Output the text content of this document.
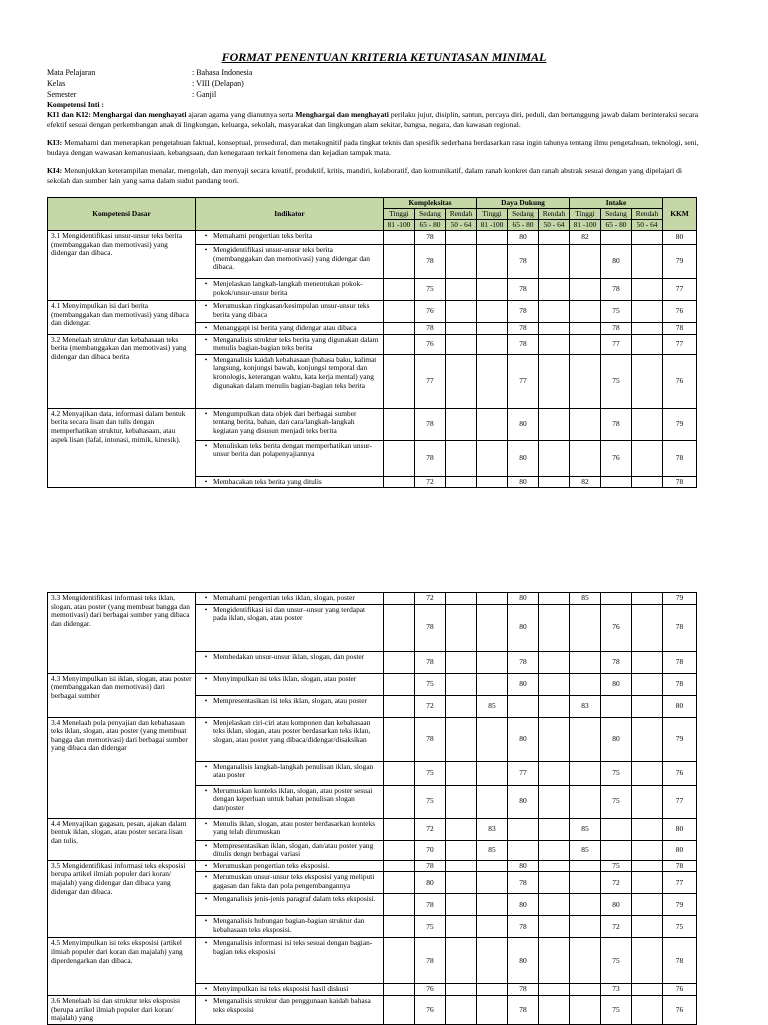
FORMAT PENENTUAN KRITERIA KETUNTASAN MINIMAL
Mata Pelajaran	: Bahasa Indonesia
Kelas	: VIII (Delapan)
Semester	: Ganjil
Kompetensi Inti :
KI1 dan KI2: Menghargai dan menghayati ajaran agama yang dianutnya serta Menghargai dan menghayati perilaku jujur, disiplin, santun, percaya diri, peduli, dan bertanggung jawab dalam berinteraksi secara efektif sesuai dengan perkembangan anak di lingkungan, keluarga, sekolah, masyarakat dan lingkungan alam sekitar, bangsa, negara, dan kawasan regional.
KI3: Memahami dan menerapkan pengetahuan faktual, konseptual, prosedural, dan metakognitif pada tingkat teknis dan spesifik sederhana berdasarkan rasa ingin tahunya tentang ilmu pengetahuan, teknologi, seni, budaya dengan wawasan kemanusiaan, kebangsaan, dan kenegaraan terkait fenomena dan kejadian tampak mata.
KI4: Menunjukkan keterampilan menalar, mengolah, dan menyaji secara kreatif, produktif, kritis, mandiri, kolaboratif, dan komunikatif, dalam ranah konkret dan ranah abstrak sesuai dengan yang dipelajari di sekolah dan sumber lain yang sama dalam sudut pandang teori.
Kompetensi Dasar	Indikator	Kompleksitas			Daya Dukung			Intake			KKM
		Tinggi	Sedang	Rendah	Tinggi	Sedang	Rendah	Tinggi	Sedang	Rendah	
		81 -100	65 - 80	50 - 64	81 -100	65 - 80	50 - 64	81 -100	65 - 80	50 - 64	
3.1 Mengidentifikasi unsur-unsur teks berita (membanggakan dan memotivasi) yang didengar dan dibaca.	• Memahami pengertian teks berita		78			80		82			80

	• Mengidentifikasi unsur-unsur teks berita (membanggakan dan memotivasi) yang didengar dan dibaca.		78			78			80		79

	• Menjelaskan langkah-langkah menentukan pokok-pokok/unsur-unsur berita		75			78			78		77
4.1 Menyimpulkan isi dari berita (membanggakan dan memotivasi) yang dibaca dan didengar.	• Merumuskan ringkasan/kesimpulan unsur-unsur teks berita yang dibaca		76			78			75		76

	• Menanggapi isi berita yang didengar atau dibaca		78			78			78		78
3.2 Menelaah struktur dan kebahasaan teks berita (membanggakan dan memotivasi) yang didengar dan dibaca berita	• Menganalisis struktur teks berita yang digunakan dalam menulis bagian-bagian teks berita		76			78			77		77

	• Menganalisis kaidah kebahasaan (bahasa baku, kalimat langsung, konjungsi bawah, konjungsi temporal dan kronologis, keterangan waktu, kata kerja mental) yang digunakan dalam menulis bagian-bagian teks berita		77			77			75		76
4.2 Menyajikan data, informasi dalam bentuk berita secara lisan dan tulis dengan memperhatikan struktur, kebahasaan, atau aspek lisan (lafal, intonasi, mimik, kinesik).	• Mengumpulkan data objek dari berbagai sumber tentang berita, bahan, dan cara/langkah-langkah kegiatan yang disusun menjadi teks berita		78			80			78		79

	• Menuliskan teks berita dengan memperhatikan unsur-unsur berita dan polapenyajiannya		78			80			76		78

	• Membacakan teks berita yang ditulis		72			80		82			78
3.3 Mengidentifikasi informasi teks iklan, slogan, atau poster (yang membuat bangga dan memotivasi) dari berbagai sumber yang dibaca dan didengar.	• Memahami pengertian teks iklan, slogan, poster		72			80		85			79

	• Mengidentifikasi isi dan unsur–unsur yang terdapat pada iklan, slogan, atau poster		78			80			76		78

	• Membedakan unsur-unsur iklan, slogan, dan poster		78			78			78		78
4.3 Menyimpulkan isi iklan, slogan, atau poster (membanggakan dan memotivasi) dari berbagai sumber	• Menyimpulkan isi teks iklan, slogan, atau poster		75			80			80		78

	• Mempresentasikan isi teks iklan, slogan, atau poster		72		85			83			80
3.4 Menelaah pola penyajian dan kebahasaan teks iklan, slogan, atau poster (yang membuat bangga dan memotivasi) dari berbagai sumber yang dibaca dan didengar	• Menjelaskan ciri-ciri atau komponen dan kebahasaan teks iklan, slogan, atau poster berdasarkan teks iklan, slogan, atau poster yang dibaca/didengar/disaksikan		78			80			80		79

	• Menganalisis langkah-langkah penulisan iklan, slogan atau poster		75			77			75		76

	• Merumuskan konteks iklan, slogan, atau poster sesuai dengan keperluan untuk bahan penulisan slogan dan/poster		75			80			75		77
4.4 Menyajikan gagasan, pesan, ajakan dalam bentuk iklan, slogan, atau poster secara lisan dan tulis.	• Menulis iklan, slogan, atau poster berdasarkan konteks yang telah dirumuskan		72		83			85			80

	• Mempresentasikan iklan, slogan, dan/atau poster yang ditulis dengn berbagai variasi		70		85			85			80
3.5 Mengidentifikasi informasi teks eksposisi berupa artikel ilmiah populer dari koran/ majalah) yang didengar dan dibaca yang didengar dan dibaca.	• Merumuskan pengertian teks eksposisi.		78			80			75		78

	• Merumuskan unsur-unsur teks eksposisi yang meliputi gagasan dan fakta dan pola pengembangannya		80			78			72		77

	• Menganalisis jenis-jenis paragraf dalam teks eksposisi.		78			80			80		79

	• Menganalisis hubungan bagian-bagian struktur dan kebahasaan teks eksposisi.		75			78			72		75
4.5 Menyimpulkan isi teks eksposisi (artikel ilmiah populer dari koran dan majalah) yang diperdengarkan dan dibaca.	• Menganalisis informasi isi teks sesuai dengan bagian-bagian teks eksposisi		78			80			75		78

	• Menyimpulkan isi teks eksposisi hasil diskusi		76			78			73		76
3.6 Menelaah isi dan struktur teks eksposisi (berupa artikel ilmiah populer dari koran/ majalah) yang	• Menganalisis struktur dan penggunaan kaidah bahasa teks eksposisi		76			78			75		76
